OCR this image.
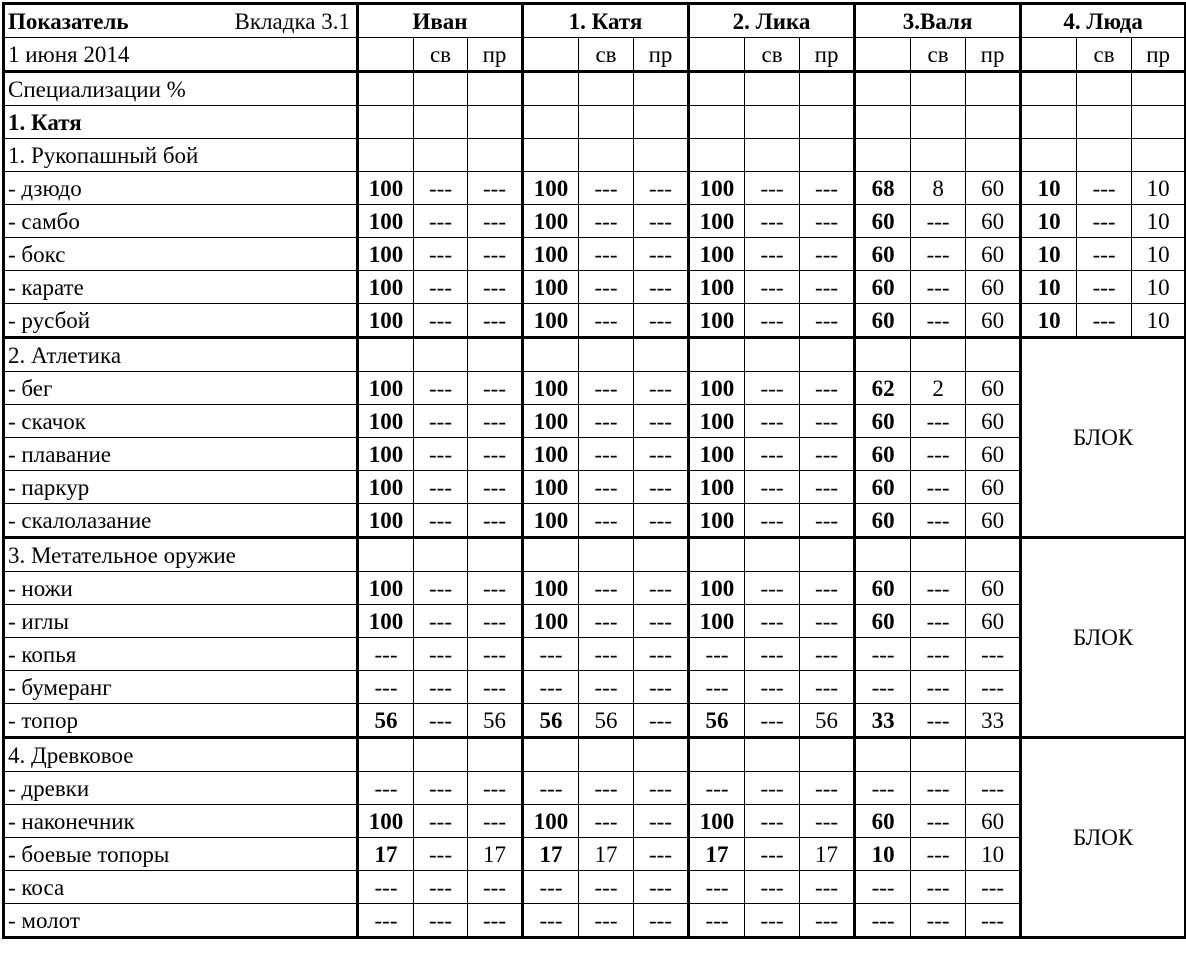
Показатель Вкладка 3.1	Иван			1. Катя			2. Лика			3.Валя			4. Люда		
1 июня 2014		св	пр		св	пр		св	пр		св	пр		св	пр
Специализации %															
1. Катя															
1. Рукопашный бой															
- дзюдо	100	---	---	100	---	---	100	---	---	68	8	60	10	---	10
- самбо	100	---	---	100	---	---	100	---	---	60	---	60	10	---	10
- бокс	100	---	---	100	---	---	100	---	---	60	---	60	10	---	10
- карате	100	---	---	100	---	---	100	---	---	60	---	60	10	---	10
- русбой	100	---	---	100	---	---	100	---	---	60	---	60	10	---	10
2. Атлетика													БЛОК		
- бег	100	---	---	100	---	---	100	---	---	62	2	60			
- скачок	100	---	---	100	---	---	100	---	---	60	---	60			
- плавание	100	---	---	100	---	---	100	---	---	60	---	60			
- паркур	100	---	---	100	---	---	100	---	---	60	---	60			
- скалолазание	100	---	---	100	---	---	100	---	---	60	---	60			
3. Метательное оружие													БЛОК		
- ножи	100	---	---	100	---	---	100	---	---	60	---	60			
- иглы	100	---	---	100	---	---	100	---	---	60	---	60			
- копья	---	---	---	---	---	---	---	---	---	---	---	---			
- бумеранг	---	---	---	---	---	---	---	---	---	---	---	---			
- топор	56	---	56	56	56	---	56	---	56	33	---	33			
4. Древковое													БЛОК		
- древки	---	---	---	---	---	---	---	---	---	---	---	---			
- наконечник	100	---	---	100	---	---	100	---	---	60	---	60			
- боевые топоры	17	---	17	17	17	---	17	---	17	10	---	10			
- коса	---	---	---	---	---	---	---	---	---	---	---	---			
- молот	---	---	---	---	---	---	---	---	---	---	---	---			
